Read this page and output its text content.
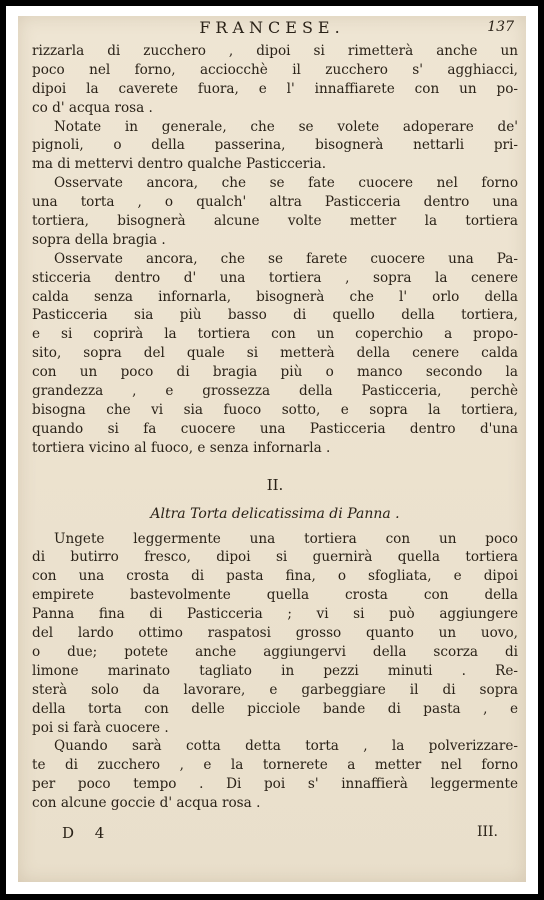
FRANCESE.	137
rizzarla di zucchero , dipoi si rimetterà anche un
poco nel forno, acciocchè il zucchero s' agghiacci,
dipoi la caverete fuora, e l' innaffiarete con un po-
co d' acqua rosa .
Notate in generale, che se volete adoperare de'
pignoli, o della passerina, bisognerà nettarli pri-
ma di mettervi dentro qualche Pasticceria.
Osservate ancora, che se fate cuocere nel forno
una torta , o qualch' altra Pasticceria dentro una
tortiera, bisognerà alcune volte metter la tortiera
sopra della bragia .
Osservate ancora, che se farete cuocere una Pa-
sticceria dentro d' una tortiera , sopra la cenere
calda senza infornarla, bisognerà che l' orlo della
Pasticceria sia più basso di quello della tortiera,
e si coprirà la tortiera con un coperchio a propo-
sito, sopra del quale si metterà della cenere calda
con un poco di bragia più o manco secondo la
grandezza , e grossezza della Pasticceria, perchè
bisogna che vi sia fuoco sotto, e sopra la tortiera,
quando si fa cuocere una Pasticceria dentro d'una
tortiera vicino al fuoco, e senza infornarla .
II.
Altra Torta delicatissima di Panna .
Ungete leggermente una tortiera con un poco
di butirro fresco, dipoi si guernirà quella tortiera
con una crosta di pasta fina, o sfogliata, e dipoi
empirete bastevolmente quella crosta con della
Panna fina di Pasticceria ; vi si può aggiungere
del lardo ottimo raspatosi grosso quanto un uovo,
o due; potete anche aggiungervi della scorza di
limone marinato tagliato in pezzi minuti . Re-
sterà solo da lavorare, e garbeggiare il di sopra
della torta con delle picciole bande di pasta , e
poi si farà cuocere .
Quando sarà cotta detta torta , la polverizzare-
te di zucchero , e la tornerete a metter nel forno
per poco tempo . Di poi s' innaffierà leggermente
con alcune goccie d' acqua rosa .
D 4	III.
